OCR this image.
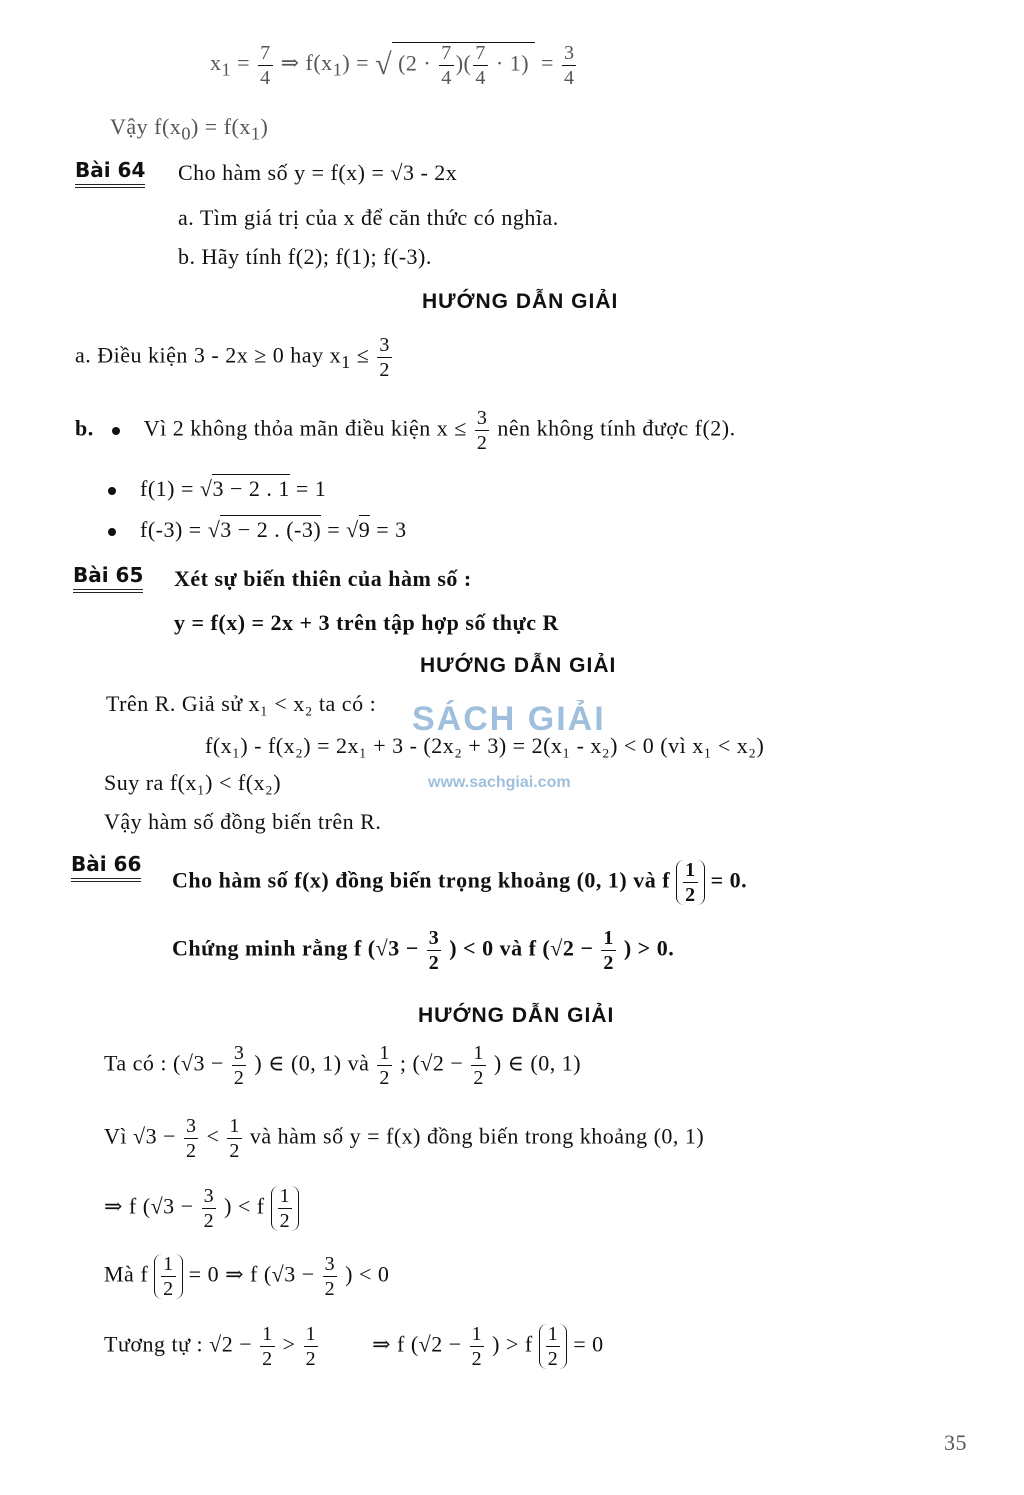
$x_1 = \frac{7}{4}$ ⇒ $f(x_1)$ = √ ($2 \cdot \frac{7}{4}$ )( $\frac{7}{4} \cdot 1) = \frac{3}{4}$
Vậy $f(x_0) = f(x_1)$
Bài 64 Cho hàm số y = f(x) = √3 - 2x
a. Tìm giá trị của x để căn thức có nghĩa.
b. Hãy tính f(2); f(1); f(-3).
HƯỚNG DẪN GIẢI
a. Điều kiện 3 - 2x ≥ 0 hay $x_1 \le \frac{3}{2}$
b. Vì 2 không thỏa mãn điều kiện $x \le \frac{3}{2}$ nên không tính được f(2).
f(1) = √3 − 2 . 1 = 1
f(-3) = √3 − 2 . (-3) = √9 = 3
Bài 65 Xét sự biến thiên của hàm số :
y = f(x) = 2x + 3 trên tập hợp số thực R
HƯỚNG DẪN GIẢI
Trên R. Giả sử x₁ < x₂ ta có :
f(x₁) - f(x₂) = 2x₁ + 3 - (2x₂ + 3) = 2(x₁ - x₂) < 0 (vì x₁ < x₂)
Suy ra f(x₁) < f(x₂)
Vậy hàm số đồng biến trên R.
SÁCH GIẢI
www.sachgiai.com
Bài 66
Cho hàm số f(x) đồng biến trọng khoảng (0, 1) và f $\frac{1}{2} = 0$.
Chứng minh rằng f ($√3 - \frac{3}{2}$ ) < 0 và f ($√2 - \frac{1}{2}$ ) > 0.
HƯỚNG DẪN GIẢI
Ta có : ($√3 - \frac{3}{2}$ ) ∈ (0, 1) và $\frac{1}{2}$ ; ($√2 - \frac{1}{2}$ ) ∈ (0, 1)
Vì $√3 - \frac{3}{2} < \frac{1}{2}$ và hàm số y = f(x) đồng biến trong khoảng (0, 1)
⇒ f ($√3 - \frac{3}{2}$ ) < f $\frac{1}{2}$
Mà f $\frac{1}{2} = 0$ ⇒ f ($√3 - \frac{3}{2}$ ) < 0
Tương tự : $√2 - \frac{1}{2} > \frac{1}{2}$ ⇒ f ($√2 - \frac{1}{2}$ ) > f $\frac{1}{2} = 0$
35
